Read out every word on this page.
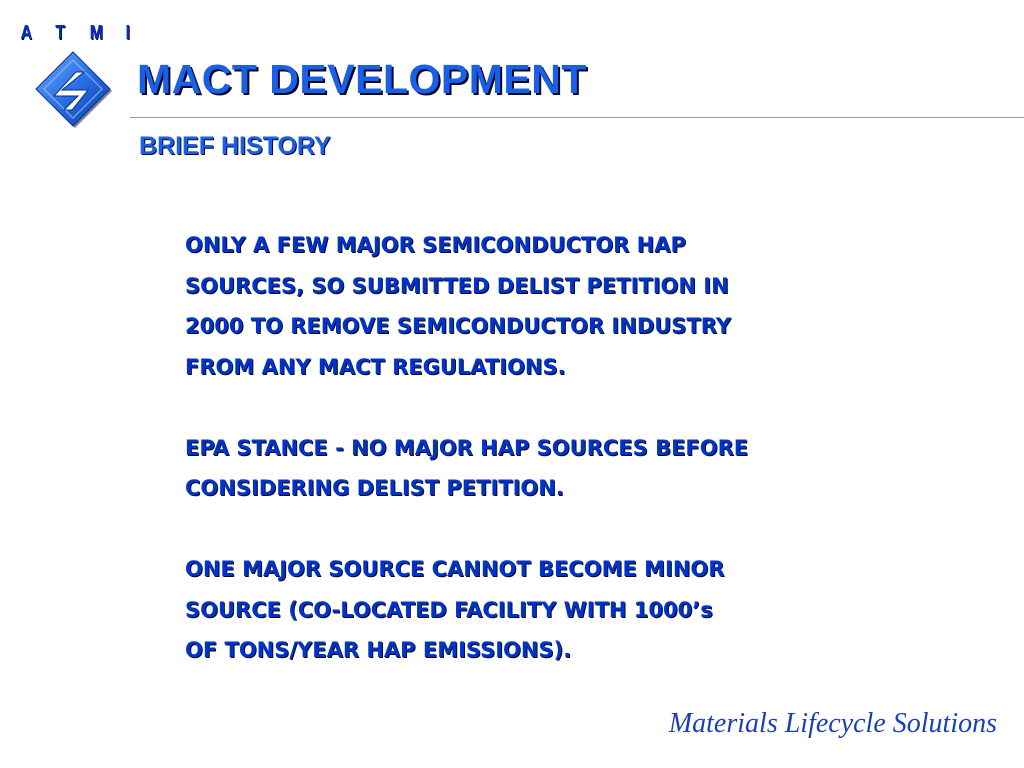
A T M I
MACT DEVELOPMENT
BRIEF HISTORY

ONLY A FEW MAJOR SEMICONDUCTOR HAP
SOURCES, SO SUBMITTED DELIST PETITION IN
2000 TO REMOVE SEMICONDUCTOR INDUSTRY
FROM ANY MACT REGULATIONS.

EPA STANCE - NO MAJOR HAP SOURCES BEFORE
CONSIDERING DELIST PETITION.

ONE MAJOR SOURCE CANNOT BECOME MINOR
SOURCE (CO-LOCATED FACILITY WITH 1000’s
OF TONS/YEAR HAP EMISSIONS).

Materials Lifecycle Solutions
